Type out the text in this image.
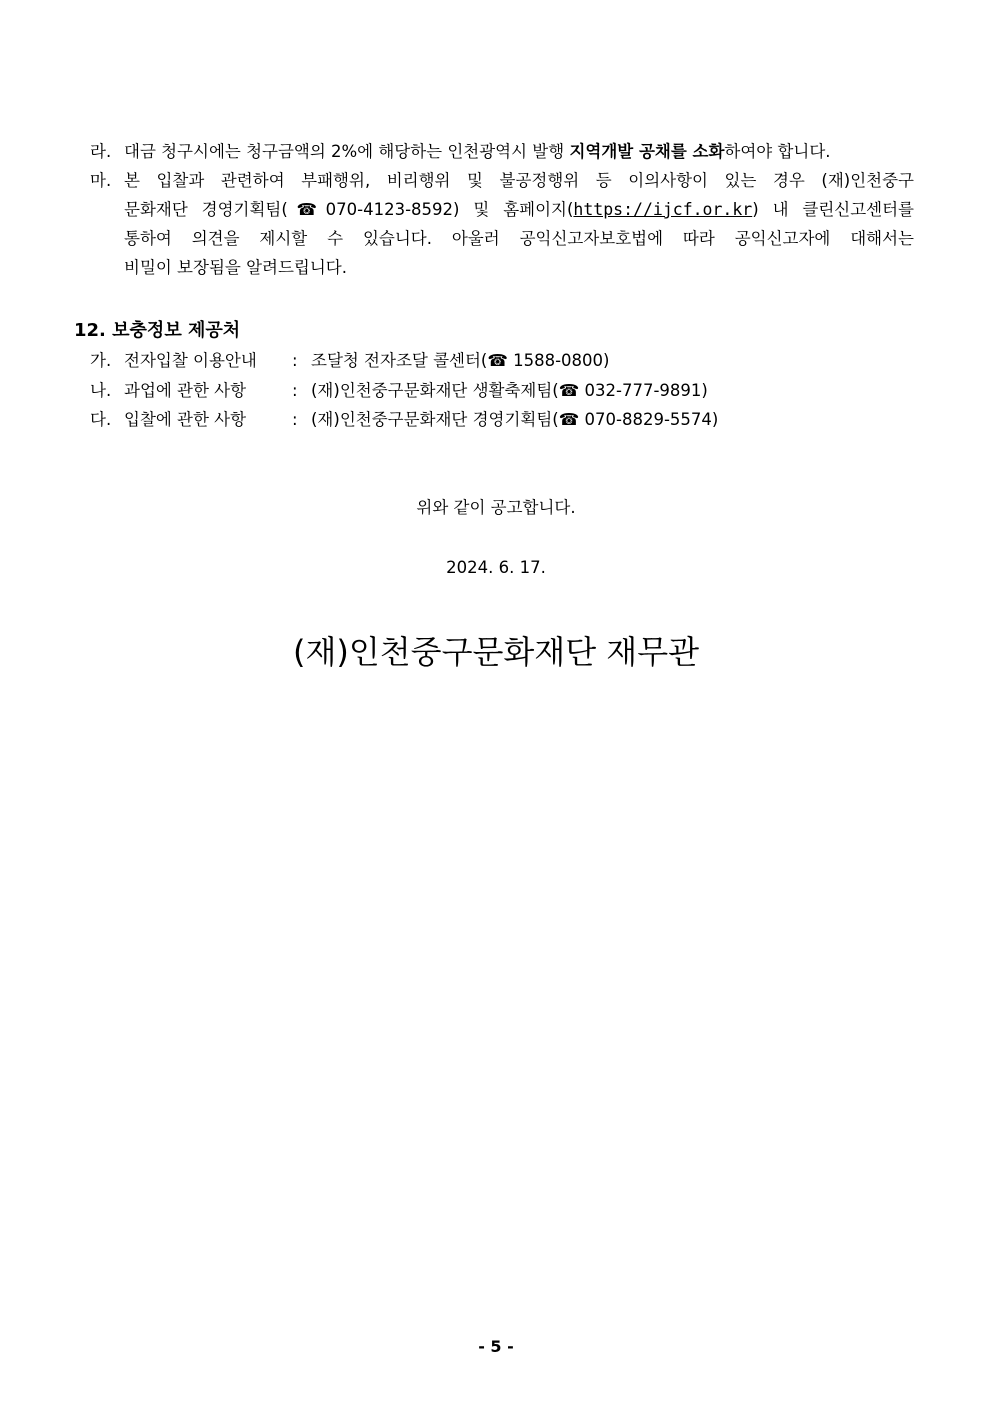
라. 대금 청구시에는 청구금액의 2%에 해당하는 인천광역시 발행 지역개발 공채를 소화하여야 합니다.
마. 본 입찰과 관련하여 부패행위, 비리행위 및 불공정행위 등 이의사항이 있는 경우 (재)인천중구
문화재단 경영기획팀(☎070-4123-8592) 및 홈페이지(https://ijcf.or.kr) 내 클린신고센터를
통하여 의견을 제시할 수 있습니다. 아울러 공익신고자보호법에 따라 공익신고자에 대해서는
비밀이 보장됨을 알려드립니다.
12. 보충정보 제공처
가. 전자입찰 이용안내 : 조달청 전자조달 콜센터(☎ 1588-0800)
나. 과업에 관한 사항	: (재)인천중구문화재단 생활축제팀(☎ 032-777-9891)
다. 입찰에 관한 사항	: (재)인천중구문화재단 경영기획팀(☎ 070-8829-5574)
위와 같이 공고합니다.
2024. 6. 17.
(재)인천중구문화재단 재무관
- 5 -
